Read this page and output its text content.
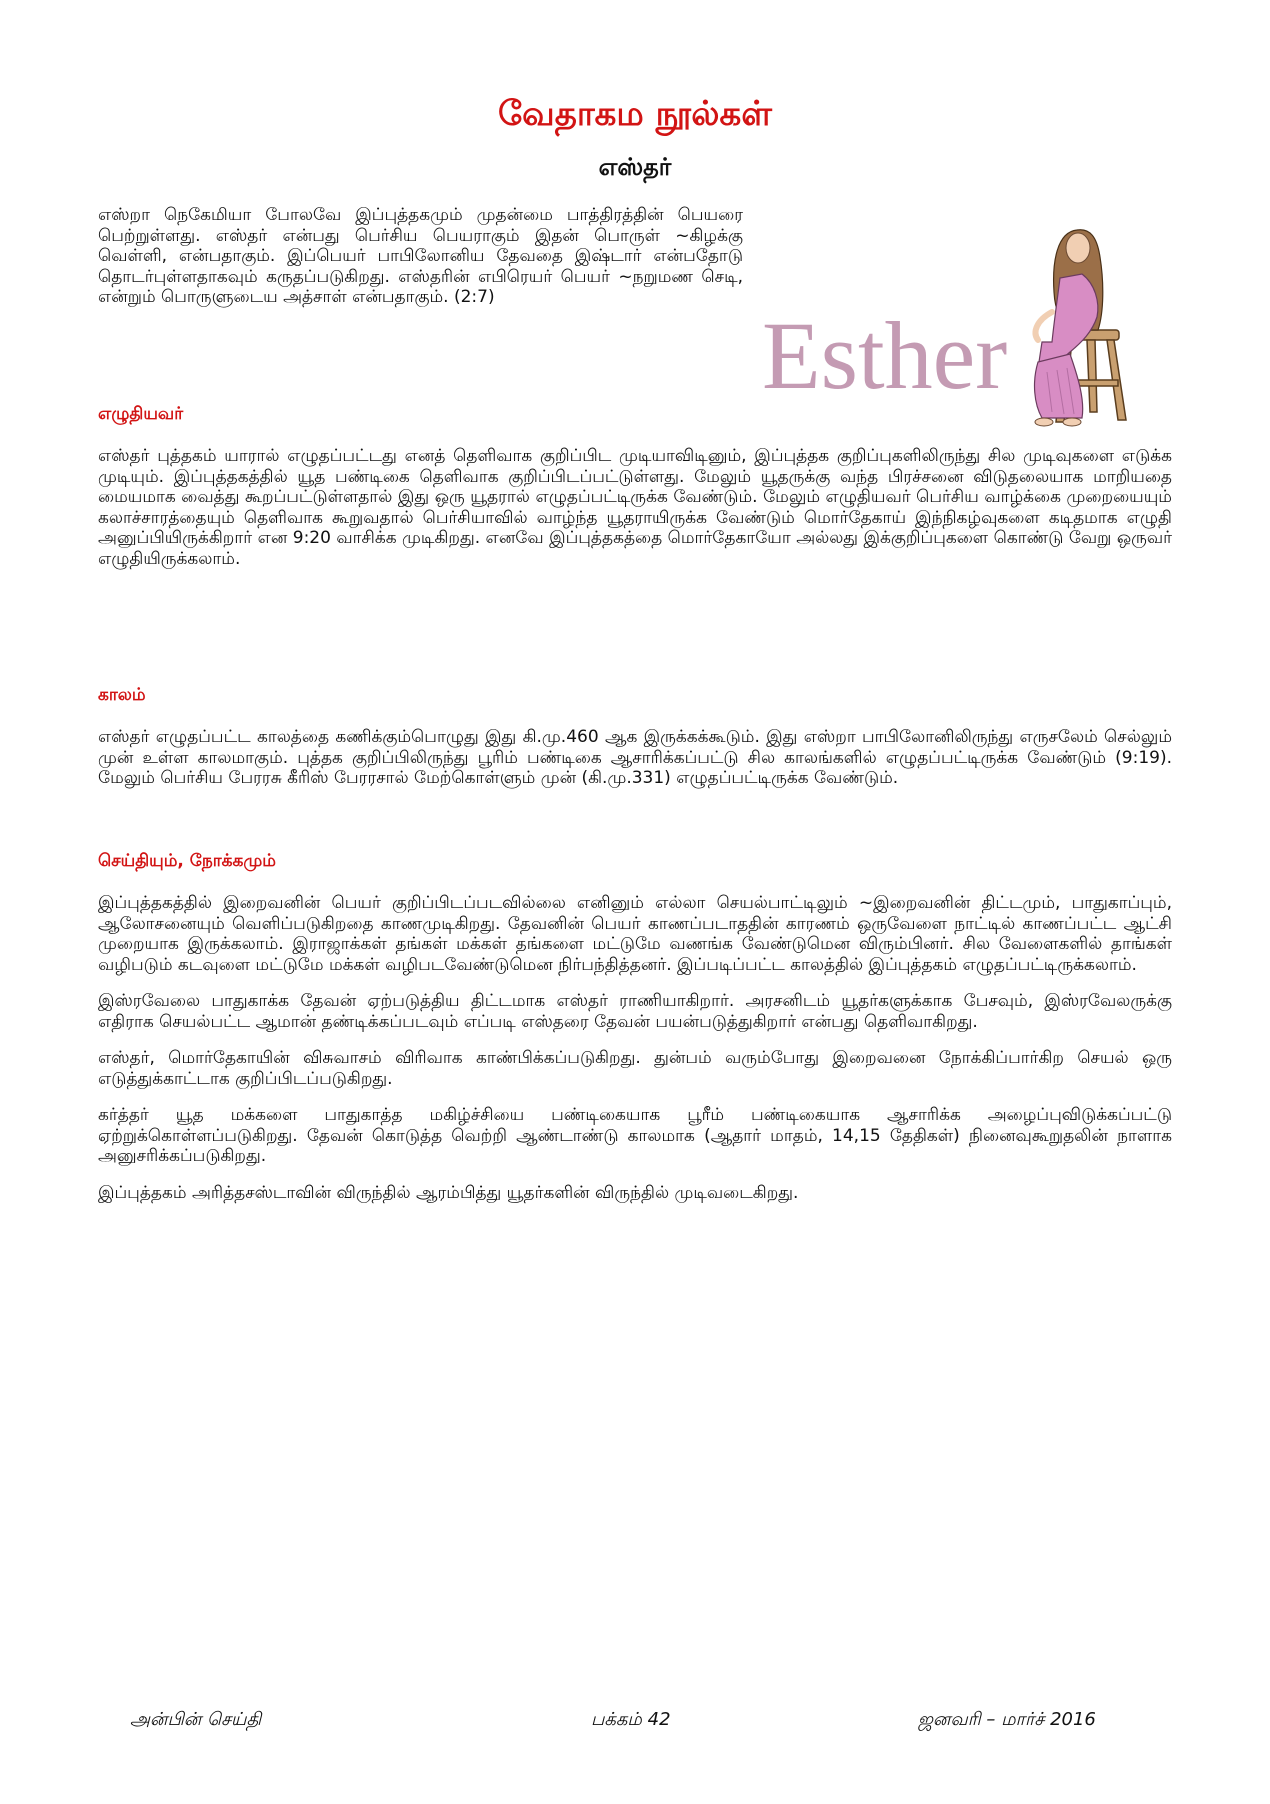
வேதாகம நூல்கள்
எஸ்தர்

எஸ்றா நெகேமியா போலவே இப்புத்தகமும் முதன்மை பாத்திரத்தின் பெயரை பெற்றுள்ளது. எஸ்தர் என்பது பெர்சிய பெயராகும் இதன் பொருள் ~கிழக்கு வெள்ளி, என்பதாகும். இப்பெயர் பாபிலோனிய தேவதை இஷ்டார் என்பதோடு தொடர்புள்ளதாகவும் கருதப்படுகிறது. எஸ்தரின் எபிரெயர் பெயர் ~நறுமண செடி, என்றும் பொருளுடைய அத்சாள் என்பதாகும். (2:7)

Esther
எழுதியவர்

எஸ்தர் புத்தகம் யாரால் எழுதப்பட்டது எனத் தெளிவாக குறிப்பிட முடியாவிடினும், இப்புத்தக குறிப்புகளிலிருந்து சில முடிவுகளை எடுக்க முடியும். இப்புத்தகத்தில் யூத பண்டிகை தெளிவாக குறிப்பிடப்பட்டுள்ளது. மேலும் யூதருக்கு வந்த பிரச்சனை விடுதலையாக மாறியதை மையமாக வைத்து கூறப்பட்டுள்ளதால் இது ஒரு யூதரால் எழுதப்பட்டிருக்க வேண்டும். மேலும் எழுதியவர் பெர்சிய வாழ்க்கை முறையையும் கலாச்சாரத்தையும் தெளிவாக கூறுவதால் பெர்சியாவில் வாழ்ந்த யூதராயிருக்க வேண்டும் மொர்தேகாய் இந்நிகழ்வுகளை கடிதமாக எழுதி அனுப்பியிருக்கிறார் என 9:20 வாசிக்க முடிகிறது. எனவே இப்புத்தகத்தை மொர்தேகாயோ அல்லது இக்குறிப்புகளை கொண்டு வேறு ஒருவர் எழுதியிருக்கலாம்.

காலம்

எஸ்தர் எழுதப்பட்ட காலத்தை கணிக்கும்பொழுது இது கி.மு.460 ஆக இருக்கக்கூடும். இது எஸ்றா பாபிலோனிலிருந்து எருசலேம் செல்லும் முன் உள்ள காலமாகும். புத்தக குறிப்பிலிருந்து பூரிம் பண்டிகை ஆசாரிக்கப்பட்டு சில காலங்களில் எழுதப்பட்டிருக்க வேண்டும் (9:19). மேலும் பெர்சிய பேரரசு கீரிஸ் பேரரசால் மேற்கொள்ளும் முன் (கி.மு.331) எழுதப்பட்டிருக்க வேண்டும்.

செய்தியும், நோக்கமும்

இப்புத்தகத்தில் இறைவனின் பெயர் குறிப்பிடப்படவில்லை எனினும் எல்லா செயல்பாட்டிலும் ~இறைவனின் திட்டமும், பாதுகாப்பும், ஆலோசனையும் வெளிப்படுகிறதை காணமுடிகிறது. தேவனின் பெயர் காணப்படாததின் காரணம் ஒருவேளை நாட்டில் காணப்பட்ட ஆட்சி முறையாக இருக்கலாம். இராஜாக்கள் தங்கள் மக்கள் தங்களை மட்டுமே வணங்க வேண்டுமென விரும்பினர். சில வேளைகளில் தாங்கள் வழிபடும் கடவுளை மட்டுமே மக்கள் வழிபடவேண்டுமென நிர்பந்தித்தனர். இப்படிப்பட்ட காலத்தில் இப்புத்தகம் எழுதப்பட்டிருக்கலாம்.

இஸ்ரவேலை பாதுகாக்க தேவன் ஏற்படுத்திய திட்டமாக எஸ்தர் ராணியாகிறார். அரசனிடம் யூதர்களுக்காக பேசவும், இஸ்ரவேலருக்கு எதிராக செயல்பட்ட ஆமான் தண்டிக்கப்படவும் எப்படி எஸ்தரை தேவன் பயன்படுத்துகிறார் என்பது தெளிவாகிறது.

எஸ்தர், மொர்தேகாயின் விசுவாசம் விரிவாக காண்பிக்கப்படுகிறது. துன்பம் வரும்போது இறைவனை நோக்கிப்பார்கிற செயல் ஒரு எடுத்துக்காட்டாக குறிப்பிடப்படுகிறது.

கர்த்தர் யூத மக்களை பாதுகாத்த மகிழ்ச்சியை பண்டிகையாக பூரீம் பண்டிகையாக ஆசாரிக்க அழைப்புவிடுக்கப்பட்டு ஏற்றுக்கொள்ளப்படுகிறது. தேவன் கொடுத்த வெற்றி ஆண்டாண்டு காலமாக (ஆதார் மாதம், 14,15 தேதிகள்) நினைவுகூறுதலின் நாளாக அனுசரிக்கப்படுகிறது.

இப்புத்தகம் அரித்தசஸ்டாவின் விருந்தில் ஆரம்பித்து யூதர்களின் விருந்தில் முடிவடைகிறது.

அன்பின் செய்தி	பக்கம் 42	ஜனவரி – மார்ச் 2016
